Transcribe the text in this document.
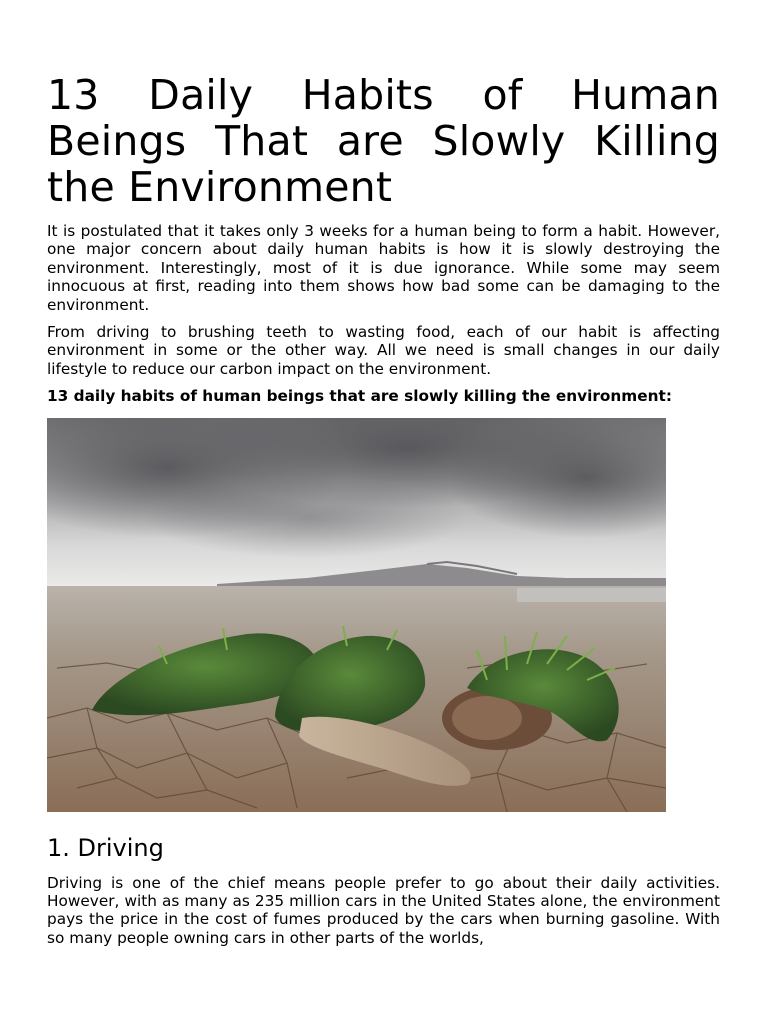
13 Daily Habits of Human Beings That are Slowly Killing the Environment

It is postulated that it takes only 3 weeks for a human being to form a habit. However, one major concern about daily human habits is how it is slowly destroying the environment. Interestingly, most of it is due ignorance. While some may seem innocuous at first, reading into them shows how bad some can be damaging to the environment.

From driving to brushing teeth to wasting food, each of our habit is affecting environment in some or the other way. All we need is small changes in our daily lifestyle to reduce our carbon impact on the environment.

13 daily habits of human beings that are slowly killing the environment:

1. Driving

Driving is one of the chief means people prefer to go about their daily activities. However, with as many as 235 million cars in the United States alone, the environment pays the price in the cost of fumes produced by the cars when burning gasoline. With so many people owning cars in other parts of the worlds,
